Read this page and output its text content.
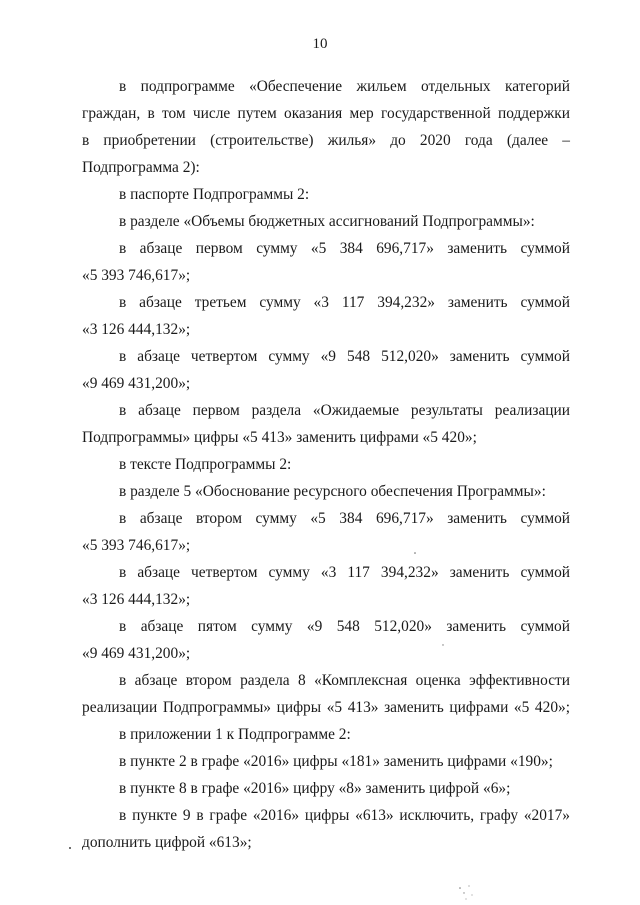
10
в подпрограмме «Обеспечение жильем отдельных категорий
граждан, в том числе путем оказания мер государственной поддержки
в приобретении (строительстве) жилья» до 2020 года (далее –
Подпрограмма 2):
в паспорте Подпрограммы 2:
в разделе «Объемы бюджетных ассигнований Подпрограммы»:
в абзаце первом сумму «5 384 696,717» заменить суммой
«5 393 746,617»;
в абзаце третьем сумму «3 117 394,232» заменить суммой
«3 126 444,132»;
в абзаце четвертом сумму «9 548 512,020» заменить суммой
«9 469 431,200»;
в абзаце первом раздела «Ожидаемые результаты реализации
Подпрограммы» цифры «5 413» заменить цифрами «5 420»;
в тексте Подпрограммы 2:
в разделе 5 «Обоснование ресурсного обеспечения Программы»:
в абзаце втором сумму «5 384 696,717» заменить суммой
«5 393 746,617»;
в абзаце четвертом сумму «3 117 394,232» заменить суммой
«3 126 444,132»;
в абзаце пятом сумму «9 548 512,020» заменить суммой
«9 469 431,200»;
в абзаце втором раздела 8 «Комплексная оценка эффективности
реализации Подпрограммы» цифры «5 413» заменить цифрами «5 420»;
в приложении 1 к Подпрограмме 2:
в пункте 2 в графе «2016» цифры «181» заменить цифрами «190»;
в пункте 8 в графе «2016» цифру «8» заменить цифрой «6»;
в пункте 9 в графе «2016» цифры «613» исключить, графу «2017»
дополнить цифрой «613»;
